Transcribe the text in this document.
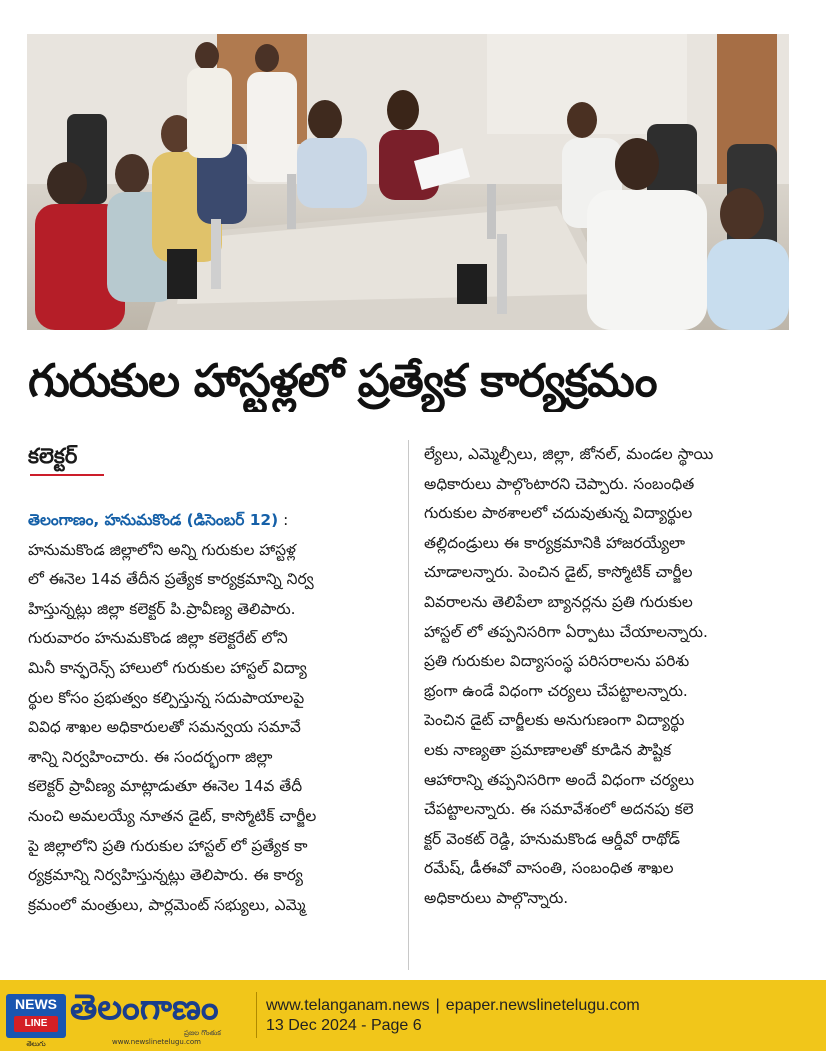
గురుకుల హాస్టళ్లలో ప్రత్యేక కార్యక్రమం
కలెక్టర్
తెలంగాణం, హనుమకొండ (డిసెంబర్ 12) :
హనుమకొండ జిల్లాలోని అన్ని గురుకుల హాస్టళ్ల
లో ఈనెల 14వ తేదీన ప్రత్యేక కార్యక్రమాన్ని నిర్వ
హిస్తున్నట్లు జిల్లా కలెక్టర్ పి.ప్రావీణ్య తెలిపారు.
గురువారం హనుమకొండ జిల్లా కలెక్టరేట్ లోని
మినీ కాన్ఫరెన్స్ హాలులో గురుకుల హాస్టల్ విద్యా
ర్థుల కోసం ప్రభుత్వం కల్పిస్తున్న సదుపాయాలపై
వివిధ శాఖల అధికారులతో సమన్వయ సమావే
శాన్ని నిర్వహించారు. ఈ సందర్భంగా జిల్లా
కలెక్టర్ ప్రావీణ్య మాట్లాడుతూ ఈనెల 14వ తేదీ
నుంచి అమలయ్యే నూతన డైట్, కాస్మోటిక్ చార్జీల
పై జిల్లాలోని ప్రతి గురుకుల హాస్టల్ లో ప్రత్యేక కా
ర్యక్రమాన్ని నిర్వహిస్తున్నట్లు తెలిపారు. ఈ కార్య
క్రమంలో మంత్రులు, పార్లమెంట్ సభ్యులు, ఎమ్మె
ల్యేలు, ఎమ్మెల్సీలు, జిల్లా, జోనల్, మండల స్థాయి
అధికారులు పాల్గొంటారని చెప్పారు. సంబంధిత
గురుకుల పాఠశాలలో చదువుతున్న విద్యార్థుల
తల్లిదండ్రులు ఈ కార్యక్రమానికి హాజరయ్యేలా
చూడాలన్నారు. పెంచిన డైట్, కాస్మోటిక్ చార్జీల
వివరాలను తెలిపేలా బ్యానర్లను ప్రతి గురుకుల
హాస్టల్ లో తప్పనిసరిగా ఏర్పాటు చేయాలన్నారు.
ప్రతి గురుకుల విద్యాసంస్థ పరిసరాలను పరిశు
భ్రంగా ఉండే విధంగా చర్యలు చేపట్టాలన్నారు.
పెంచిన డైట్ చార్జీలకు అనుగుణంగా విద్యార్థు
లకు నాణ్యతా ప్రమాణాలతో కూడిన పౌష్టిక
ఆహారాన్ని తప్పనిసరిగా అందే విధంగా చర్యలు
చేపట్టాలన్నారు. ఈ సమావేశంలో అదనపు కలె
క్టర్ వెంకట్ రెడ్డి, హనుమకొండ ఆర్డీవో రాథోడ్
రమేష్, డీఈవో వాసంతి, సంబంధిత శాఖల
అధికారులు పాల్గొన్నారు.
NEWS
LINE
తెలుగు
తెలంగాణం
ప్రజల గొంతుక
www.newslinetelugu.com
www.telanganam.news | epaper.newslinetelugu.com
13 Dec 2024 - Page 6
